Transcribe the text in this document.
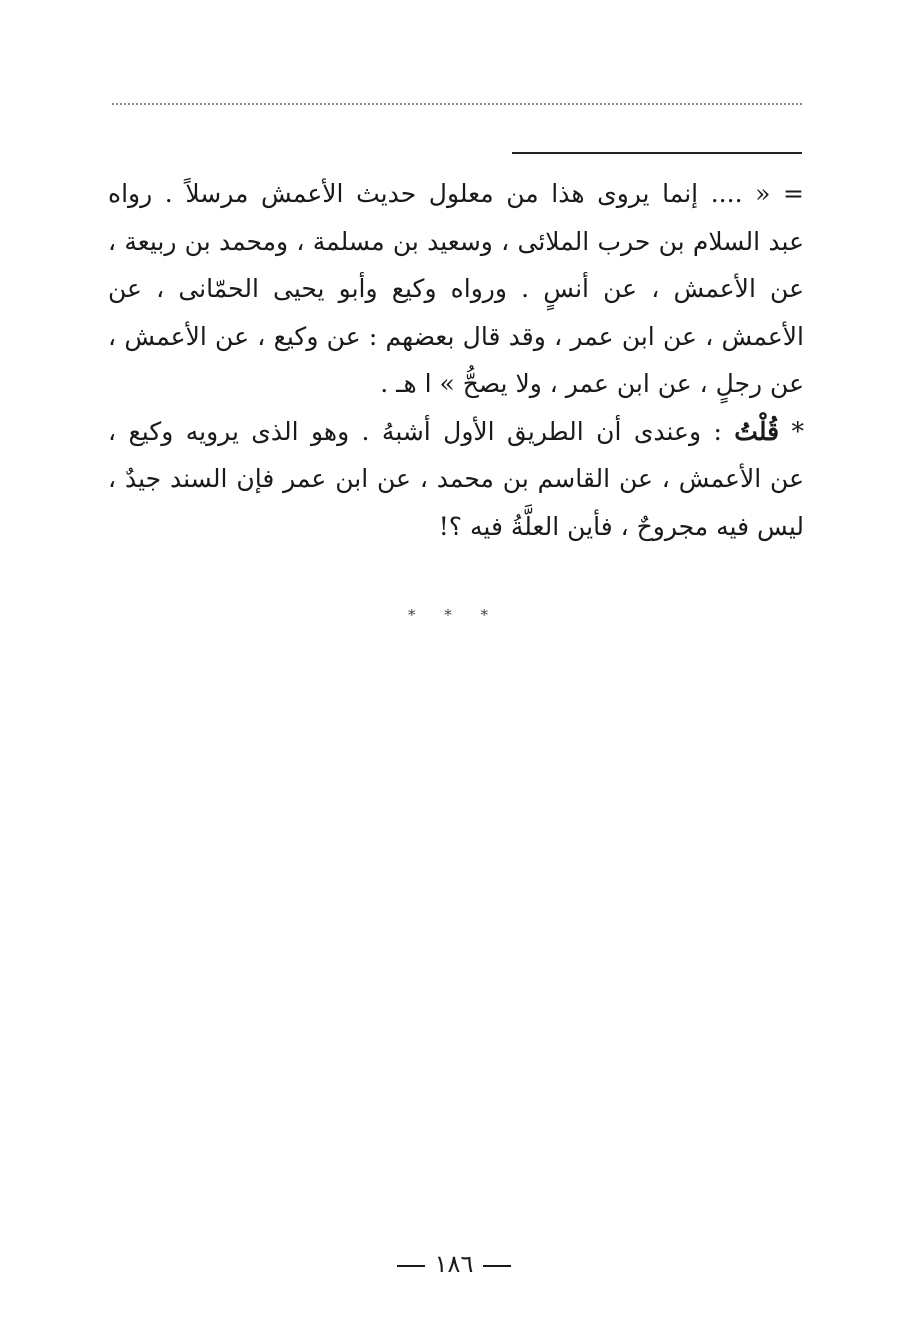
= « .... إنما يروى هذا من معلول حديث الأعمش مرسلاً . رواه
عبد السلام بن حرب الملائى ، وسعيد بن مسلمة ، ومحمد بن ربيعة ،
عن الأعمش ، عن أنسٍ . ورواه وكيع وأبو يحيى الحمّانى ، عن
الأعمش ، عن ابن عمر ، وقد قال بعضهم : عن وكيع ، عن الأعمش ،
عن رجلٍ ، عن ابن عمر ، ولا يصحُّ » ا هـ .
* قُلْتُ : وعندى أن الطريق الأول أشبهُ . وهو الذى يرويه وكيع ،
عن الأعمش ، عن القاسم بن محمد ، عن ابن عمر فإن السند جيدٌ ،
ليس فيه مجروحٌ ، فأين العلَّةُ فيه ؟!
* * *
١٨٦
